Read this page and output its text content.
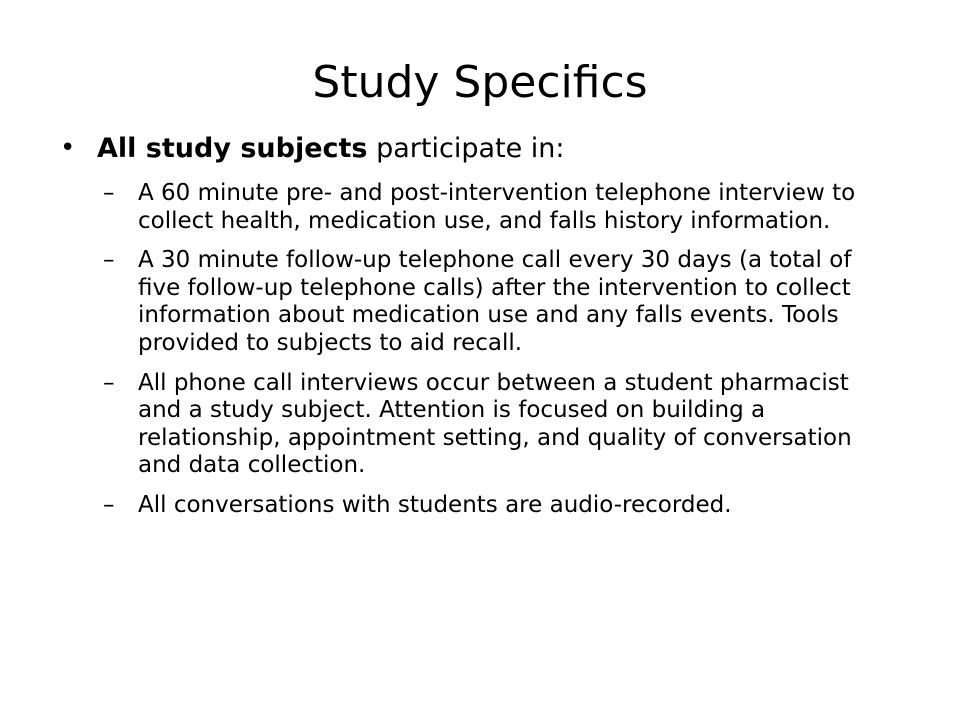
Study Specifics
• All study subjects participate in:
–	A 60 minute pre- and post-intervention telephone interview to collect health, medication use, and falls history information.
–	A 30 minute follow-up telephone call every 30 days (a total of five follow-up telephone calls) after the intervention to collect information about medication use and any falls events. Tools provided to subjects to aid recall.
–	All phone call interviews occur between a student pharmacist and a study subject. Attention is focused on building a relationship, appointment setting, and quality of conversation and data collection.
–	All conversations with students are audio-recorded.
